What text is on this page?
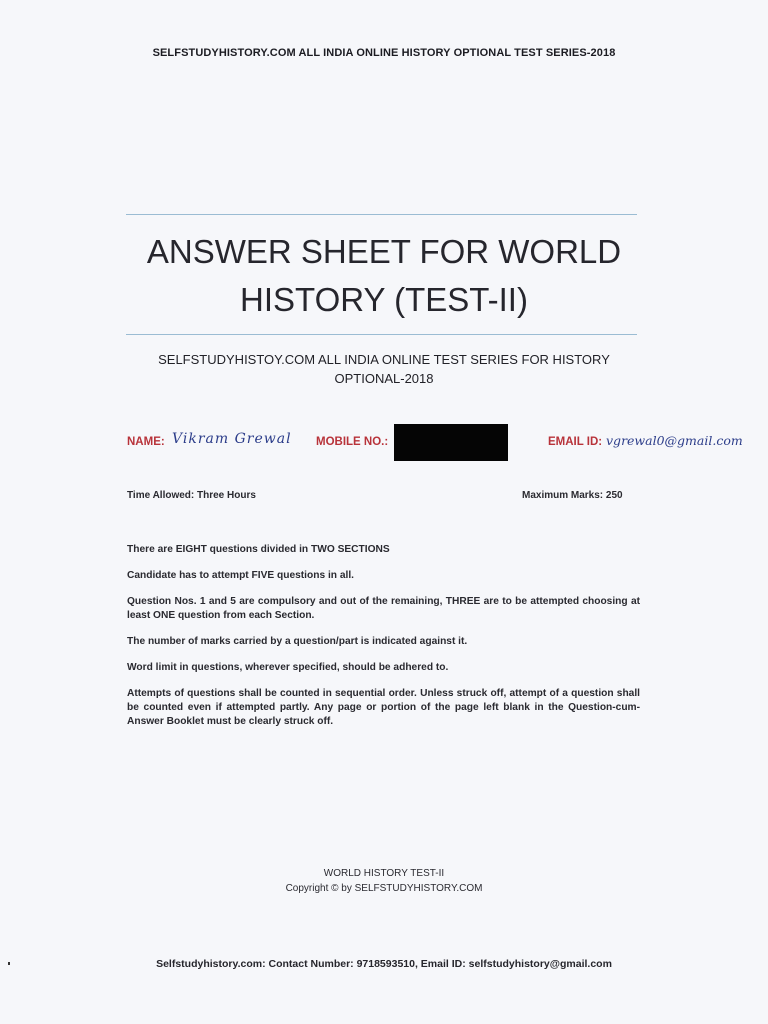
SELFSTUDYHISTORY.COM ALL INDIA ONLINE HISTORY OPTIONAL TEST SERIES-2018
ANSWER SHEET FOR WORLD
HISTORY (TEST-II)
SELFSTUDYHISTOY.COM ALL INDIA ONLINE TEST SERIES FOR HISTORY
OPTIONAL-2018
NAME: Vikram Grewal MOBILE NO.:	EMAIL ID: vgrewal0@gmail.com
Time Allowed: Three Hours	Maximum Marks: 250

There are EIGHT questions divided in TWO SECTIONS

Candidate has to attempt FIVE questions in all.

Question Nos. 1 and 5 are compulsory and out of the remaining, THREE are to be attempted choosing at least ONE question from each Section.

The number of marks carried by a question/part is indicated against it.

Word limit in questions, wherever specified, should be adhered to.

Attempts of questions shall be counted in sequential order. Unless struck off, attempt of a question shall be counted even if attempted partly. Any page or portion of the page left blank in the Question-cum-Answer Booklet must be clearly struck off.

WORLD HISTORY TEST-II
Copyright © by SELFSTUDYHISTORY.COM
Selfstudyhistory.com: Contact Number: 9718593510, Email ID: selfstudyhistory@gmail.com
